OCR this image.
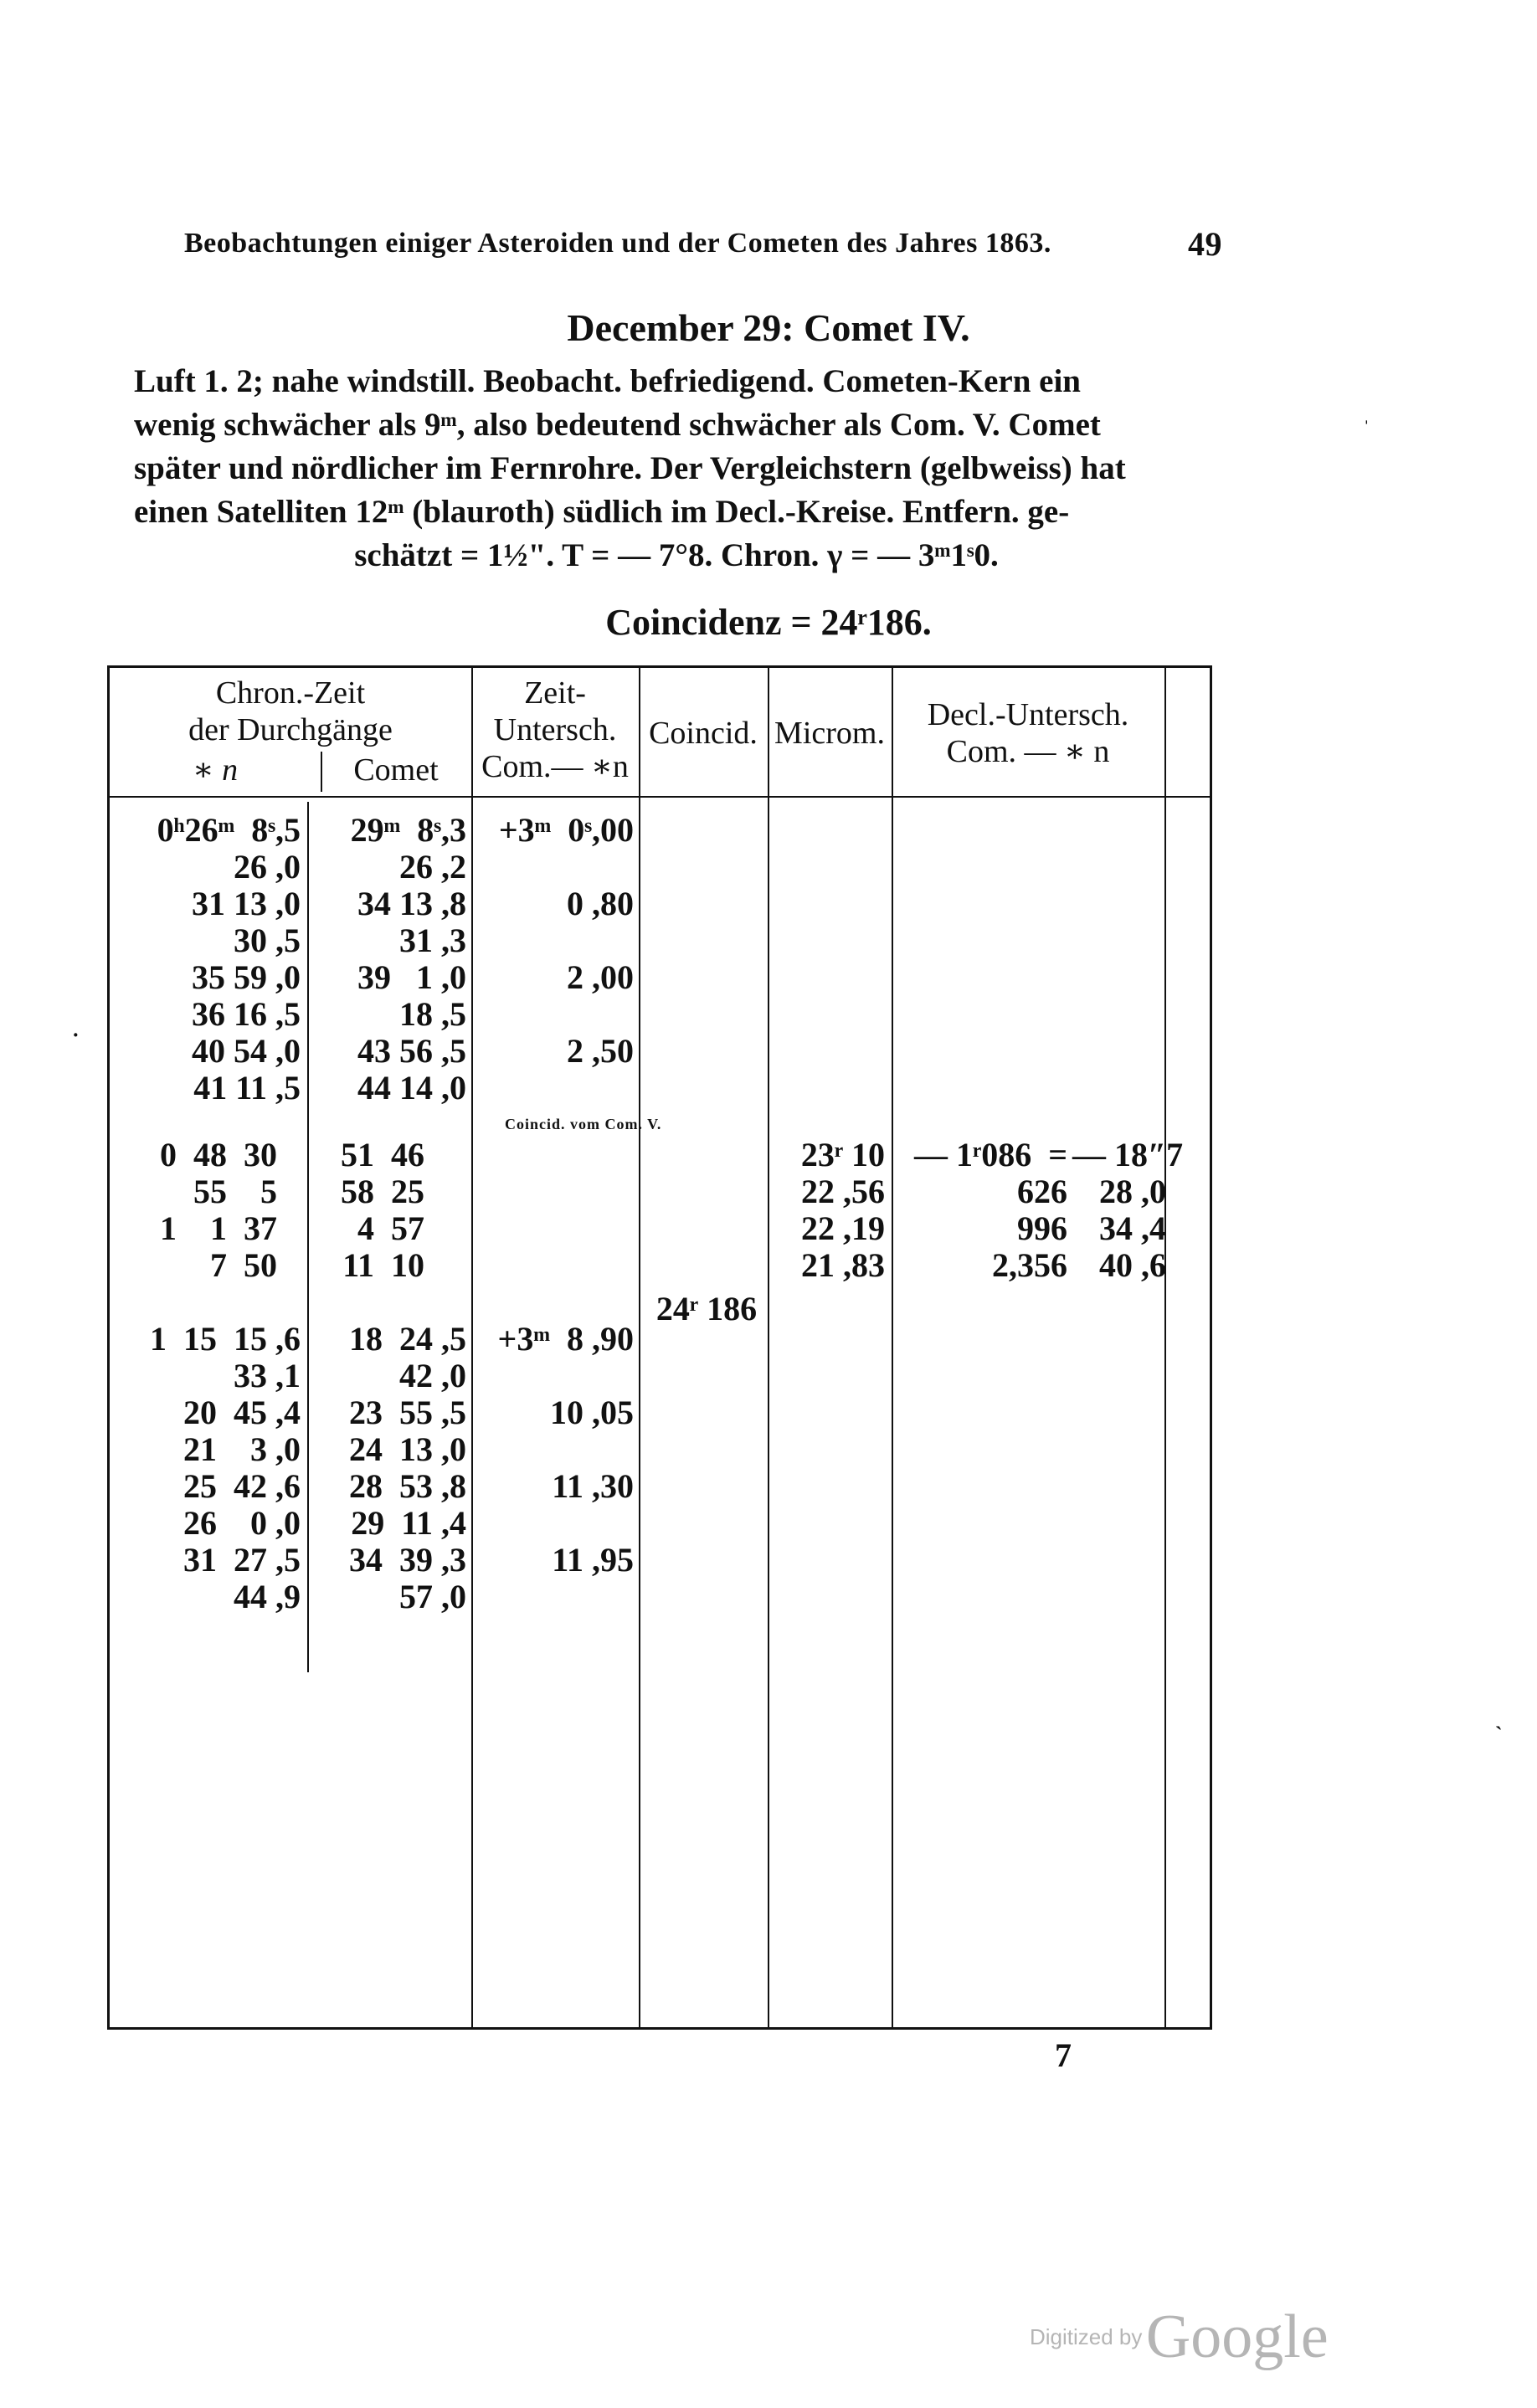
Beobachtungen einiger Asteroiden und der Cometen des Jahres 1863.	49
December 29: Comet IV.

Luft 1. 2; nahe windstill. Beobacht. befriedigend. Cometen-Kern ein

wenig schwächer als 9ᵐ, also bedeutend schwächer als Com. V. Comet

später und nördlicher im Fernrohre. Der Vergleichstern (gelbweiss) hat

einen Satelliten 12ᵐ (blauroth) südlich im Decl.-Kreise. Entfern. ge-

schätzt = 1½". T = — 7°8. Chron. γ = — 3ᵐ1ˢ0.

Coincidenz = 24ʳ186.
ˈ
·
ˋ
Chron.-Zeit
der Durchgänge
∗ n	Comet
Zeit-
Untersch.
Com.— ∗n
Coincid. Microm.
Decl.-Untersch.
Com. — ∗ n
0ʰ26ᵐ  8ˢ,5
26 ,0
31 13 ,0
30 ,5
35 59 ,0
36 16 ,5
40 54 ,0
41 11 ,5
29ᵐ  8ˢ,3
26 ,2
34 13 ,8
31 ,3
39   1 ,0
18 ,5
43 56 ,5
44 14 ,0
+3ᵐ  0ˢ,00
0 ,80
2 ,00
2 ,50
Coincid. vom Com. V.
0  48  30
55    5
1    1  37
7  50
51  46
58  25
4  57
11  10
23ʳ 10
22 ,56
22 ,19
21 ,83
— 1ʳ086  =
626
996
2,356
— 18″7
28 ,0
34 ,4
40 ,6
24ʳ 186
1  15  15 ,6
33 ,1
20  45 ,4
21    3 ,0
25  42 ,6
26    0 ,0
31  27 ,5
44 ,9
18  24 ,5
42 ,0
23  55 ,5
24  13 ,0
28  53 ,8
29  11 ,4
34  39 ,3
57 ,0
+3ᵐ  8 ,90
10 ,05
11 ,30
11 ,95
7
Digitized by Google
